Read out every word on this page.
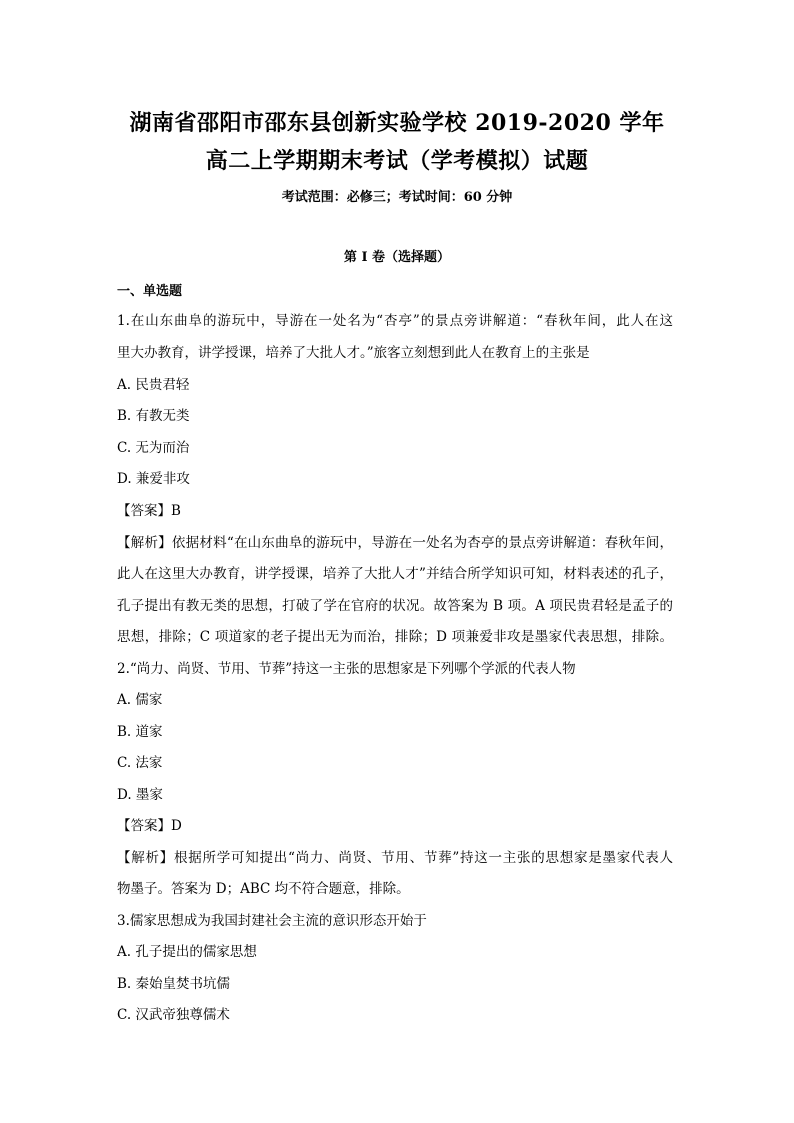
湖南省邵阳市邵东县创新实验学校 2019-2020 学年
高二上学期期末考试（学考模拟）试题
考试范围：必修三；考试时间：60 分钟
第 I 卷（选择题）
一、单选题
1.在山东曲阜的游玩中，导游在一处名为“杏亭”的景点旁讲解道：“春秋年间，此人在这
里大办教育，讲学授课，培养了大批人才。”旅客立刻想到此人在教育上的主张是
A. 民贵君轻
B. 有教无类
C. 无为而治
D. 兼爱非攻
【答案】B
【解析】依据材料“在山东曲阜的游玩中，导游在一处名为杏亭的景点旁讲解道：春秋年间，
此人在这里大办教育，讲学授课，培养了大批人才”并结合所学知识可知，材料表述的孔子，
孔子提出有教无类的思想，打破了学在官府的状况。故答案为 B 项。A 项民贵君轻是孟子的
思想，排除；C 项道家的老子提出无为而治，排除；D 项兼爱非攻是墨家代表思想，排除。
2.“尚力、尚贤、节用、节葬”持这一主张的思想家是下列哪个学派的代表人物
A. 儒家
B. 道家
C. 法家
D. 墨家
【答案】D
【解析】根据所学可知提出“尚力、尚贤、节用、节葬”持这一主张的思想家是墨家代表人
物墨子。答案为 D；ABC 均不符合题意，排除。
3.儒家思想成为我国封建社会主流的意识形态开始于
A. 孔子提出的儒家思想
B. 秦始皇焚书坑儒
C. 汉武帝独尊儒术
